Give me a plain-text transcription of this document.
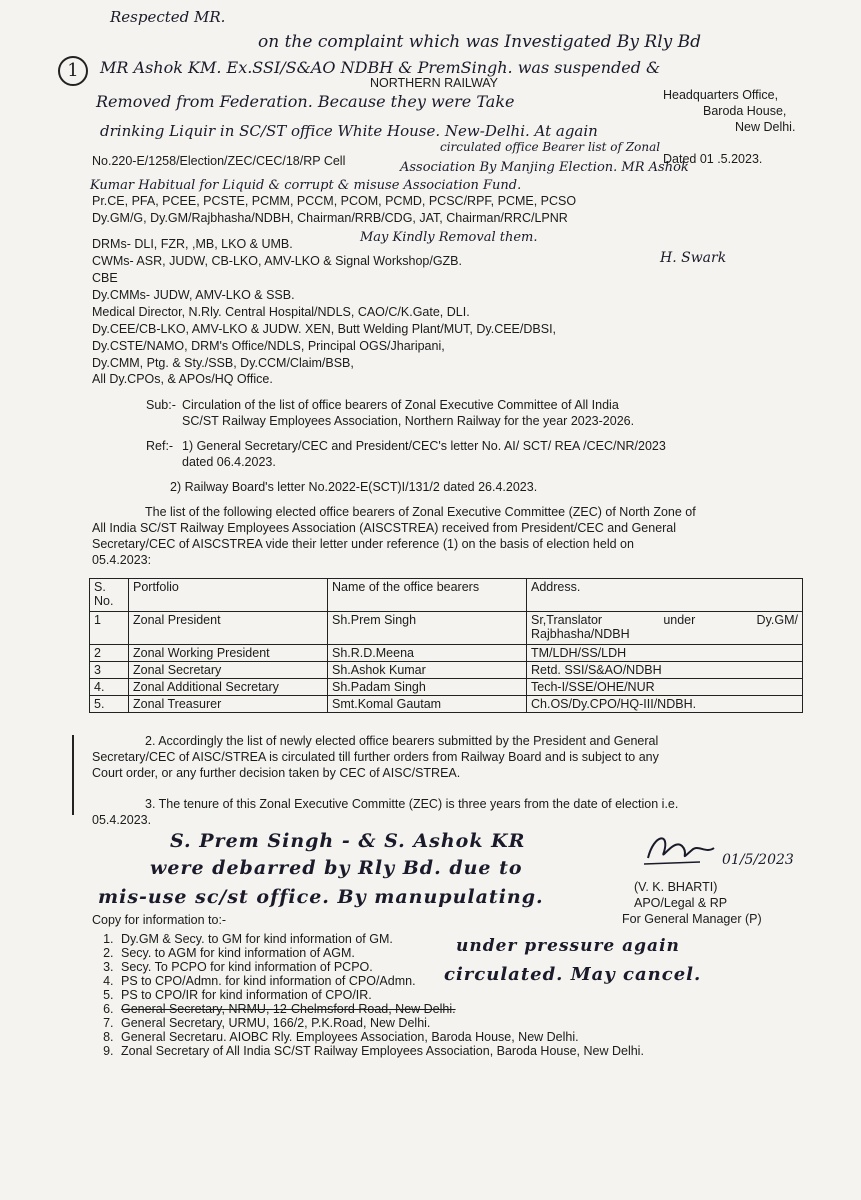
Respected MR.
on the complaint which was Investigated By Rly Bd
1	MR Ashok KM. Ex.SSI/S&AO NDBH & PremSingh. was suspended &
Removed from Federation. Because they were Take
drinking Liquir in SC/ST office White House. New-Delhi. At again
circulated office Bearer list of Zonal
Association By Manjing Election. MR Ashok
Kumar Habitual for Liquid & corrupt & misuse Association Fund.
May Kindly Removal them.
H. Swark
NORTHERN RAILWAY
Headquarters Office,
Baroda House,
New Delhi.
No.220-E/1258/Election/ZEC/CEC/18/RP Cell	Dated 01 .5.2023.
Pr.CE, PFA, PCEE, PCSTE, PCMM, PCCM, PCOM, PCMD, PCSC/RPF, PCME, PCSO
Dy.GM/G, Dy.GM/Rajbhasha/NDBH, Chairman/RRB/CDG, JAT, Chairman/RRC/LPNR
DRMs- DLI, FZR, ,MB, LKO & UMB.
CWMs- ASR, JUDW, CB-LKO, AMV-LKO & Signal Workshop/GZB.
CBE
Dy.CMMs- JUDW, AMV-LKO & SSB.
Medical Director, N.Rly. Central Hospital/NDLS, CAO/C/K.Gate, DLI.
Dy.CEE/CB-LKO, AMV-LKO & JUDW. XEN, Butt Welding Plant/MUT, Dy.CEE/DBSI,
Dy.CSTE/NAMO, DRM's Office/NDLS, Principal OGS/Jharipani,
Dy.CMM, Ptg. & Sty./SSB, Dy.CCM/Claim/BSB,
All Dy.CPOs, & APOs/HQ Office.
Sub:- Circulation of the list of office bearers of Zonal Executive Committee of All India
SC/ST Railway Employees Association, Northern Railway for the year 2023-2026.
Ref:- 1) General Secretary/CEC and President/CEC's letter No. AI/ SCT/ REA /CEC/NR/2023
dated 06.4.2023.
2) Railway Board's letter No.2022-E(SCT)I/131/2 dated 26.4.2023.
The list of the following elected office bearers of Zonal Executive Committee (ZEC) of North Zone of
All India SC/ST Railway Employees Association (AISCSTREA) received from President/CEC and General
Secretary/CEC of AISCSTREA vide their letter under reference (1) on the basis of election held on
05.4.2023:
S. No.	Portfolio	Name of the office bearers	Address.
1	Zonal President	Sh.Prem Singh	Sr,Translator under Dy.GM/
Rajbhasha/NDBH

2	Zonal Working President	Sh.R.D.Meena	TM/LDH/SS/LDH
3	Zonal Secretary	Sh.Ashok Kumar	Retd. SSI/S&AO/NDBH
4.	Zonal Additional Secretary	Sh.Padam Singh	Tech-I/SSE/OHE/NUR
5.	Zonal Treasurer	Smt.Komal Gautam	Ch.OS/Dy.CPO/HQ-III/NDBH.
2. Accordingly the list of newly elected office bearers submitted by the President and General
Secretary/CEC of AISC/STREA is circulated till further orders from Railway Board and is subject to any
Court order, or any further decision taken by CEC of AISC/STREA.
3. The tenure of this Zonal Executive Committe (ZEC) is three years from the date of election i.e.
05.4.2023.
S. Prem Singh - & S. Ashok KR
were debarred by Rly Bd. due to
mis-use sc/st office. By manupulating.
under pressure again
circulated. May cancel.
01/5/2023
(V. K. BHARTI)
APO/Legal & RP
For General Manager (P)
Copy for information to:-
1. Dy.GM & Secy. to GM for kind information of GM.
2. Secy. to AGM for kind information of AGM.
3. Secy. To PCPO for kind information of PCPO.
4. PS to CPO/Admn. for kind information of CPO/Admn.
5. PS to CPO/IR for kind information of CPO/IR.
6. General Secretary, NRMU, 12-Chelmsford Road, New Delhi.
7. General Secretary, URMU, 166/2, P.K.Road, New Delhi.
8. General Secretaru. AIOBC Rly. Employees Association, Baroda House, New Delhi.
9. Zonal Secretary of All India SC/ST Railway Employees Association, Baroda House, New Delhi.
